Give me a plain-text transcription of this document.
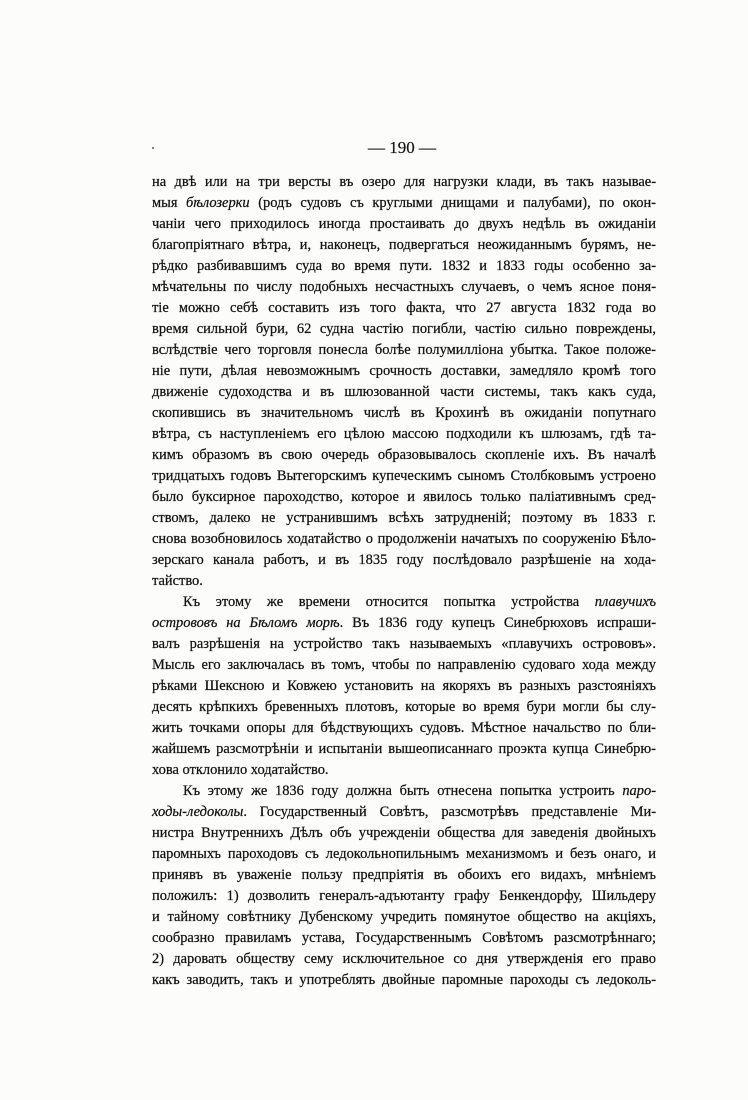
— 190 —
на двѣ или на три версты въ озеро для нагрузки клади, въ такъ называе-
мыя бѣлозерки (родъ судовъ съ круглыми днищами и палубами), по окон-
чаніи чего приходилось иногда простаивать до двухъ недѣль въ ожиданіи
благопріятнаго вѣтра, и, наконецъ, подвергаться неожиданнымъ бурямъ, не-
рѣдко разбивавшимъ суда во время пути. 1832 и 1833 годы особенно за-
мѣчательны по числу подобныхъ несчастныхъ случаевъ, о чемъ ясное поня-
тіе можно себѣ составить изъ того факта, что 27 августа 1832 года во
время сильной бури, 62 судна частію погибли, частію сильно повреждены,
вслѣдствіе чего торговля понесла болѣе полумилліона убытка. Такое положе-
ніе пути, дѣлая невозможнымъ срочность доставки, замедляло кромѣ того
движеніе судоходства и въ шлюзованной части системы, такъ какъ суда,
скопившись въ значительномъ числѣ въ Крохинѣ въ ожиданіи попутнаго
вѣтра, съ наступленіемъ его цѣлою массою подходили къ шлюзамъ, гдѣ та-
кимъ образомъ въ свою очередь образовывалось скопленіе ихъ. Въ началѣ
тридцатыхъ годовъ Вытегорскимъ купеческимъ сыномъ Столбковымъ устроено
было буксирное пароходство, которое и явилось только паліативнымъ сред-
ствомъ, далеко не устранившимъ всѣхъ затрудненій; поэтому въ 1833 г.
снова возобновилось ходатайство о продолженіи начатыхъ по сооруженію Бѣло-
зерскаго канала работъ, и въ 1835 году послѣдовало разрѣшеніе на хода-
тайство.
Къ этому же времени относится попытка устройства плавучихъ
острововъ на Бѣломъ морѣ. Въ 1836 году купецъ Синебрюховъ испраши-
валъ разрѣшенія на устройство такъ называемыхъ «плавучихъ острововъ».
Мысль его заключалась въ томъ, чтобы по направленію судоваго хода между
рѣками Шексною и Ковжею установить на якоряхъ въ разныхъ разстояніяхъ
десять крѣпкихъ бревенныхъ плотовъ, которые во время бури могли бы слу-
жить точками опоры для бѣдствующихъ судовъ. Мѣстное начальство по бли-
жайшемъ разсмотрѣніи и испытаніи вышеописаннаго проэкта купца Синебрю-
хова отклонило ходатайство.
Къ этому же 1836 году должна быть отнесена попытка устроить паро-
ходы-ледоколы. Государственный Совѣтъ, разсмотрѣвъ представленіе Ми-
нистра Внутреннихъ Дѣлъ объ учрежденіи общества для заведенія двойныхъ
паромныхъ пароходовъ съ ледокольнопильнымъ механизмомъ и безъ онаго, и
принявъ въ уваженіе пользу предпріятія въ обоихъ его видахъ, мнѣніемъ
положилъ: 1) дозволить генералъ-адъютанту графу Бенкендорфу, Шильдеру
и тайному совѣтнику Дубенскому учредить помянутое общество на акціяхъ,
сообразно правиламъ устава, Государственнымъ Совѣтомъ разсмотрѣннаго;
2) даровать обществу сему исключительное со дня утвержденія его право
какъ заводить, такъ и употреблять двойные паромные пароходы съ ледоколь-
